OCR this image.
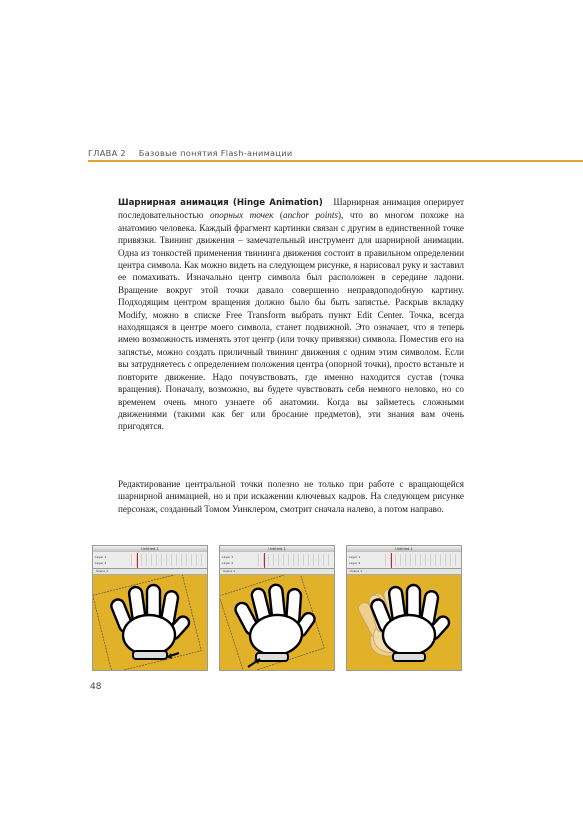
ГЛАВА 2 Базовые понятия Flash-анимации
Шарнирная анимация (Hinge Animation) Шарнирная анимация оперирует последовательностью опорных точек (anchor points), что во многом похоже на анатомию человека. Каждый фрагмент картинки связан с другим в единственной точке привязки. Твининг движения – замечательный инструмент для шарнирной анимации. Одна из тонкостей применения твининга движения состоит в правильном определении центра символа. Как можно видеть на следующем рисунке, я нарисовал руку и заставил ее помахивать. Изначально центр символа был расположен в середине ладони. Вращение вокруг этой точки давало совершенно неправдоподобную картину. Подходящим центром вращения должно было бы быть запястье. Раскрыв вкладку Modify, можно в списке Free Transform выбрать пункт Edit Center. Точка, всегда находящаяся в центре моего символа, станет подвижной. Это означает, что я теперь имею возможность изменять этот центр (или точку привязки) символа. Поместив его на запястье, можно создать приличный твининг движения с одним этим символом. Если вы затрудняетесь с определением положения центра (опорной точки), просто встаньте и повторите движение. Надо почувствовать, где именно находится сустав (точка вращения). Поначалу, возможно, вы будете чувствовать себя немного неловко, но со временем очень много узнаете об анатомии. Когда вы займетесь сложными движениями (такими как бег или бросание предметов), эти знания вам очень пригодятся.
Редактирование центральной точки полезно не только при работе с вращающейся шарнирной анимацией, но и при искажении ключевых кадров. На следующем рисунке персонаж, созданный Томом Уинклером, смотрит сначала налево, а потом направо.
Untitled-1
Layer 1
Layer 2
Scene 1
Untitled-1
Layer 1
Layer 2
Scene 1
Untitled-1
Layer 1
Layer 2
Scene 1
48
